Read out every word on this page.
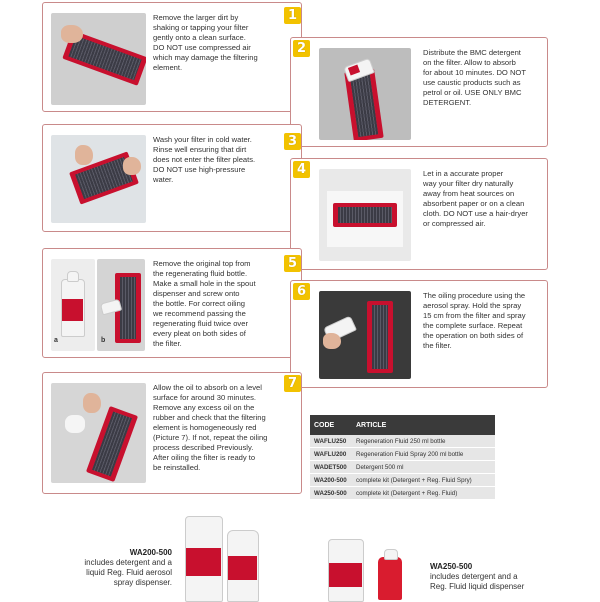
Remove the larger dirt by
shaking or tapping your filter
gently onto a clean surface.
DO NOT use compressed air
which may damage the filtering
element.
1
2	Distribute the BMC detergent
on the filter. Allow to absorb
for about 10 minutes. DO NOT
use caustic products such as
petrol or oil. USE ONLY BMC
DETERGENT.
Wash your filter in cold water.
Rinse well ensuring that dirt
does not enter the filter pleats.
DO NOT use high-pressure
water.
3
4	Let in a accurate proper
way your filter dry naturally
away from heat sources on
absorbent paper or on a clean
cloth. DO NOT use a hair-dryer
or compressed air.
a	b
Remove the original top from
the regenerating fluid bottle.
Make a small hole in the spout
dispenser and screw onto
the bottle. For correct oiling
we recommend passing the
regenerating fluid twice over
every pleat on both sides of
the filter.
5
6	The oiling procedure using the
aerosol spray. Hold the spray
15 cm from the filter and spray
the complete surface. Repeat
the operation on both sides of
the filter.
Allow the oil to absorb on a level
surface for around 30 minutes.
Remove any excess oil on the
rubber and check that the filtering
element is homogeneously red
(Picture 7). If not, repeat the oiling
process described Previously.
After oiling the filter is ready to
be reinstalled.
7
CODE	ARTICLE
WAFLU250	Regeneration Fluid 250 ml bottle
WAFLU200	Regeneration Fluid Spray 200 ml bottle
WADET500	Detergent 500 ml
WA200-500	complete kit (Detergent + Reg. Fluid Spry)
WA250-500	complete kit (Detergent + Reg. Fluid)
WA200-500
includes detergent and a
liquid Reg. Fluid aerosol
spray dispenser.
WA250-500
includes detergent and a
Reg. Fluid liquid dispenser
